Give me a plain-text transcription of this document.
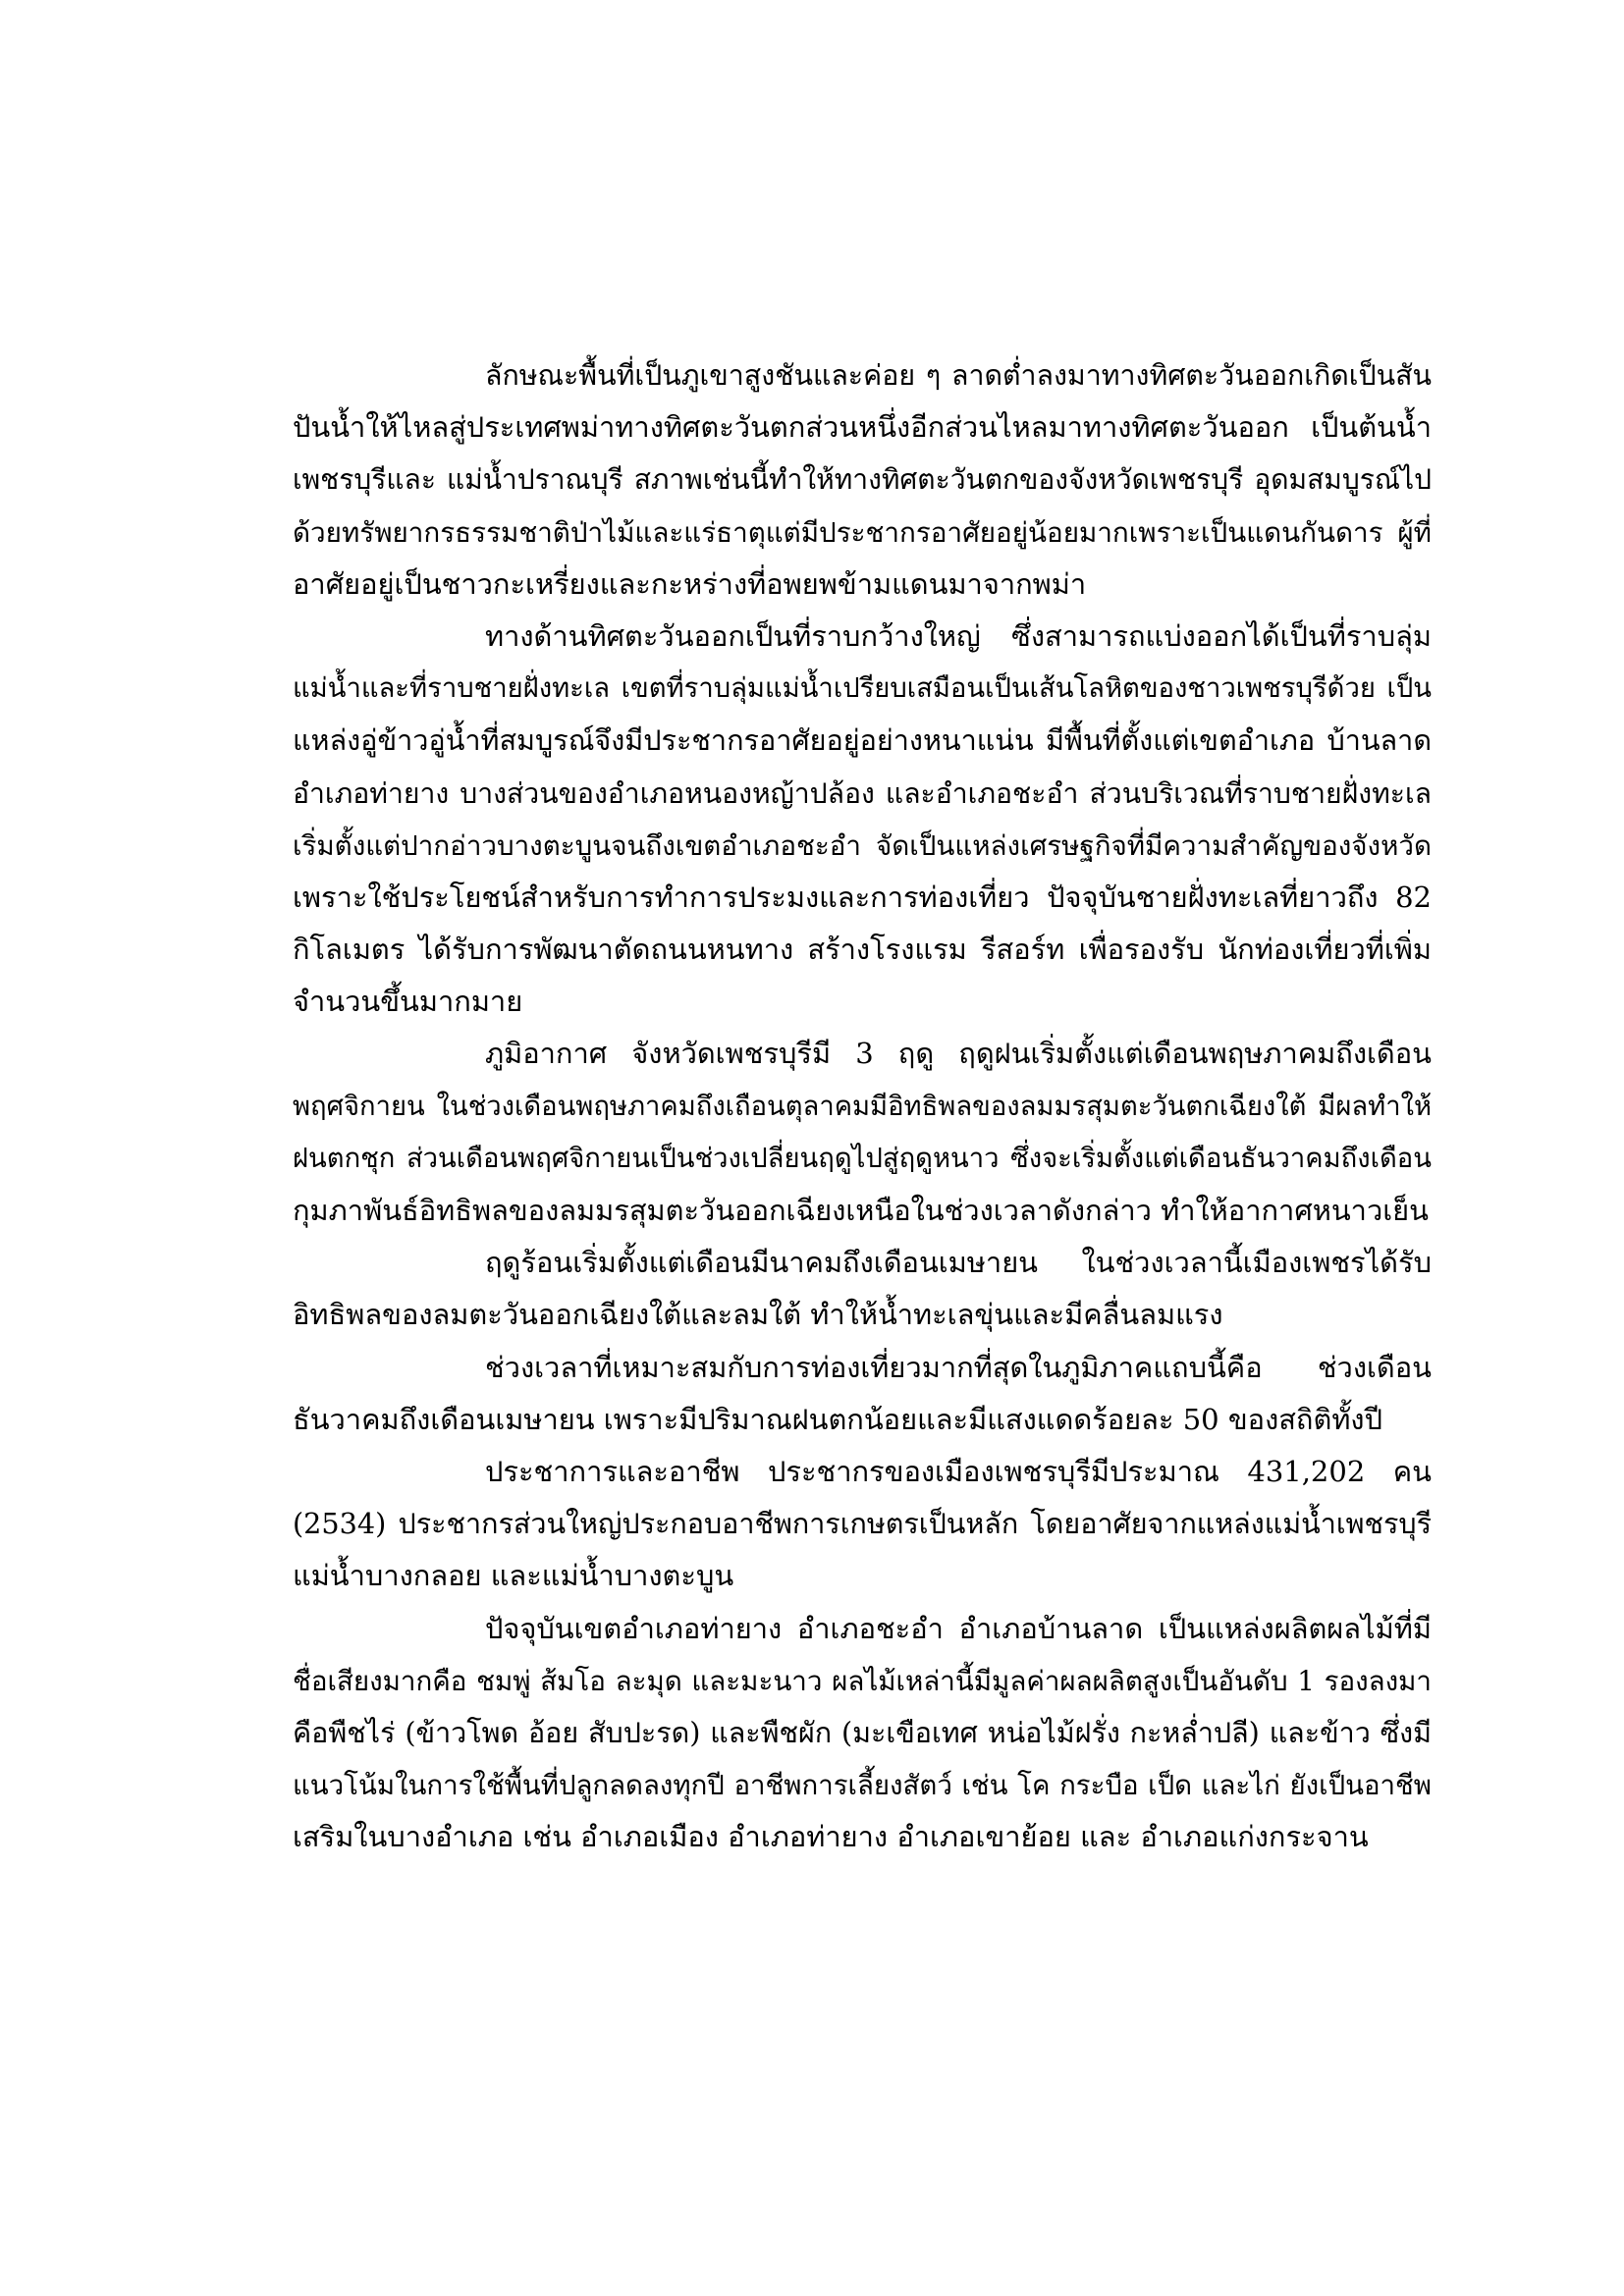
ลักษณะพื้นที่เป็นภูเขาสูงชันและค่อย ๆ ลาดต่ำลงมาทางทิศตะวันออกเกิดเป็นสัน
ปันน้ำให้ไหลสู่ประเทศพม่าทางทิศตะวันตกส่วนหนึ่งอีกส่วนไหลมาทางทิศตะวันออก เป็นต้นน้ำ
เพชรบุรีและ แม่น้ำปราณบุรี สภาพเช่นนี้ทำให้ทางทิศตะวันตกของจังหวัดเพชรบุรี อุดมสมบูรณ์ไป
ด้วยทรัพยากรธรรมชาติป่าไม้และแร่ธาตุแต่มีประชากรอาศัยอยู่น้อยมากเพราะเป็นแดนกันดาร ผู้ที่
อาศัยอยู่เป็นชาวกะเหรี่ยงและกะหร่างที่อพยพข้ามแดนมาจากพม่า
ทางด้านทิศตะวันออกเป็นที่ราบกว้างใหญ่ ซึ่งสามารถแบ่งออกได้เป็นที่ราบลุ่ม
แม่น้ำและที่ราบชายฝั่งทะเล เขตที่ราบลุ่มแม่น้ำเปรียบเสมือนเป็นเส้นโลหิตของชาวเพชรบุรีด้วย เป็น
แหล่งอู่ข้าวอู่น้ำที่สมบูรณ์จึงมีประชากรอาศัยอยู่อย่างหนาแน่น มีพื้นที่ตั้งแต่เขตอำเภอ บ้านลาด
อำเภอท่ายาง บางส่วนของอำเภอหนองหญ้าปล้อง และอำเภอชะอำ ส่วนบริเวณที่ราบชายฝั่งทะเล
เริ่มตั้งแต่ปากอ่าวบางตะบูนจนถึงเขตอำเภอชะอำ จัดเป็นแหล่งเศรษฐกิจที่มีความสำคัญของจังหวัด
เพราะใช้ประโยชน์สำหรับการทำการประมงและการท่องเที่ยว ปัจจุบันชายฝั่งทะเลที่ยาวถึง 82
กิโลเมตร ได้รับการพัฒนาตัดถนนหนทาง สร้างโรงแรม รีสอร์ท เพื่อรองรับ นักท่องเที่ยวที่เพิ่ม
จำนวนขึ้นมากมาย
ภูมิอากาศ จังหวัดเพชรบุรีมี 3 ฤดู ฤดูฝนเริ่มตั้งแต่เดือนพฤษภาคมถึงเดือน
พฤศจิกายน ในช่วงเดือนพฤษภาคมถึงเถือนตุลาคมมีอิทธิพลของลมมรสุมตะวันตกเฉียงใต้ มีผลทำให้
ฝนตกชุก ส่วนเดือนพฤศจิกายนเป็นช่วงเปลี่ยนฤดูไปสู่ฤดูหนาว ซึ่งจะเริ่มตั้งแต่เดือนธันวาคมถึงเดือน
กุมภาพันธ์อิทธิพลของลมมรสุมตะวันออกเฉียงเหนือในช่วงเวลาดังกล่าว ทำให้อากาศหนาวเย็น
ฤดูร้อนเริ่มตั้งแต่เดือนมีนาคมถึงเดือนเมษายน ในช่วงเวลานี้เมืองเพชรได้รับ
อิทธิพลของลมตะวันออกเฉียงใต้และลมใต้ ทำให้น้ำทะเลขุ่นและมีคลื่นลมแรง
ช่วงเวลาที่เหมาะสมกับการท่องเที่ยวมากที่สุดในภูมิภาคแถบนี้คือ ช่วงเดือน
ธันวาคมถึงเดือนเมษายน เพราะมีปริมาณฝนตกน้อยและมีแสงแดดร้อยละ 50 ของสถิติทั้งปี
ประชาการและอาชีพ ประชากรของเมืองเพชรบุรีมีประมาณ 431,202 คน
(2534) ประชากรส่วนใหญ่ประกอบอาชีพการเกษตรเป็นหลัก โดยอาศัยจากแหล่งแม่น้ำเพชรบุรี
แม่น้ำบางกลอย และแม่น้ำบางตะบูน
ปัจจุบันเขตอำเภอท่ายาง อำเภอชะอำ อำเภอบ้านลาด เป็นแหล่งผลิตผลไม้ที่มี
ชื่อเสียงมากคือ ชมพู่ ส้มโอ ละมุด และมะนาว ผลไม้เหล่านี้มีมูลค่าผลผลิตสูงเป็นอันดับ 1 รองลงมา
คือพืชไร่ (ข้าวโพด อ้อย สับปะรด) และพืชผัก (มะเขือเทศ หน่อไม้ฝรั่ง กะหล่ำปลี) และข้าว ซึ่งมี
แนวโน้มในการใช้พื้นที่ปลูกลดลงทุกปี อาชีพการเลี้ยงสัตว์ เช่น โค กระบือ เป็ด และไก่ ยังเป็นอาชีพ
เสริมในบางอำเภอ เช่น อำเภอเมือง อำเภอท่ายาง อำเภอเขาย้อย และ อำเภอแก่งกระจาน
